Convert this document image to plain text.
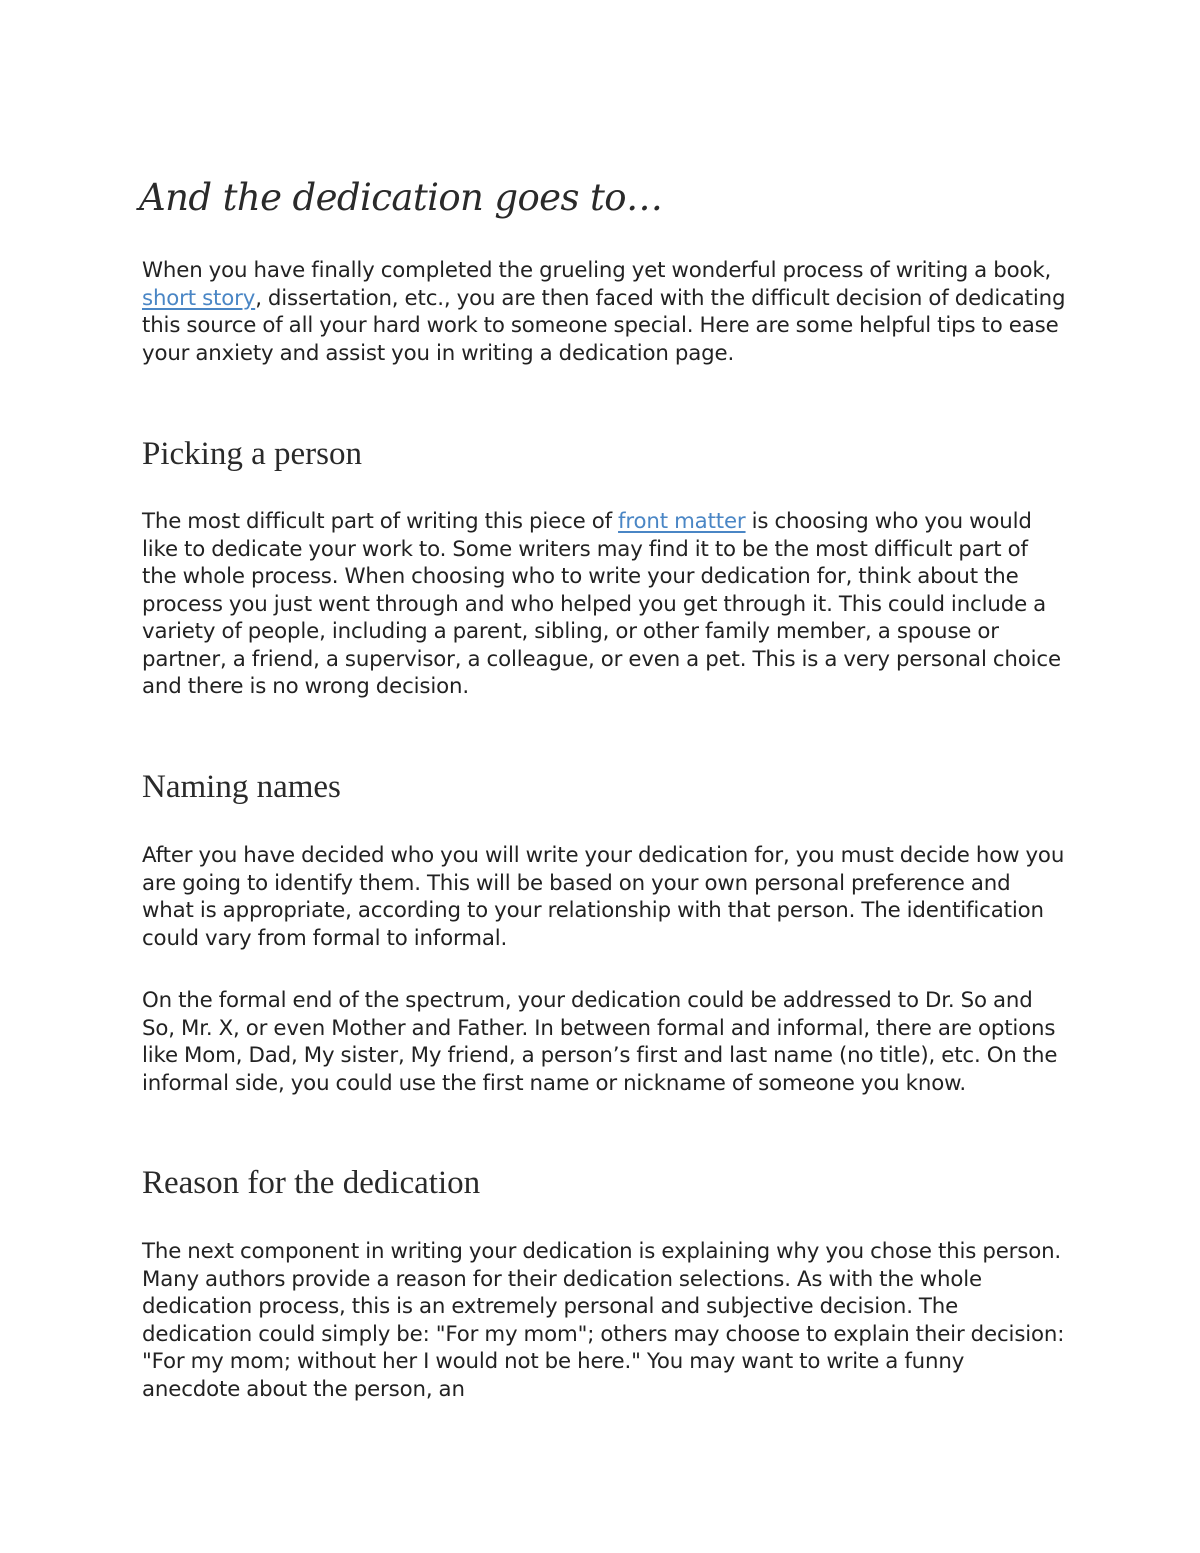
And the dedication goes to…

When you have finally completed the grueling yet wonderful process of writing a book, short story, dissertation, etc., you are then faced with the difficult decision of dedicating this source of all your hard work to someone special. Here are some helpful tips to ease your anxiety and assist you in writing a dedication page.

Picking a person

The most difficult part of writing this piece of front matter is choosing who you would like to dedicate your work to. Some writers may find it to be the most difficult part of the whole process. When choosing who to write your dedication for, think about the process you just went through and who helped you get through it. This could include a variety of people, including a parent, sibling, or other family member, a spouse or partner, a friend, a supervisor, a colleague, or even a pet. This is a very personal choice and there is no wrong decision.

Naming names

After you have decided who you will write your dedication for, you must decide how you are going to identify them. This will be based on your own personal preference and what is appropriate, according to your relationship with that person. The identification could vary from formal to informal.

On the formal end of the spectrum, your dedication could be addressed to Dr. So and So, Mr. X, or even Mother and Father. In between formal and informal, there are options like Mom, Dad, My sister, My friend, a person’s first and last name (no title), etc. On the informal side, you could use the first name or nickname of someone you know.

Reason for the dedication

The next component in writing your dedication is explaining why you chose this person. Many authors provide a reason for their dedication selections. As with the whole dedication process, this is an extremely personal and subjective decision. The dedication could simply be: "For my mom"; others may choose to explain their decision: "For my mom; without her I would not be here." You may want to write a funny anecdote about the person, an
